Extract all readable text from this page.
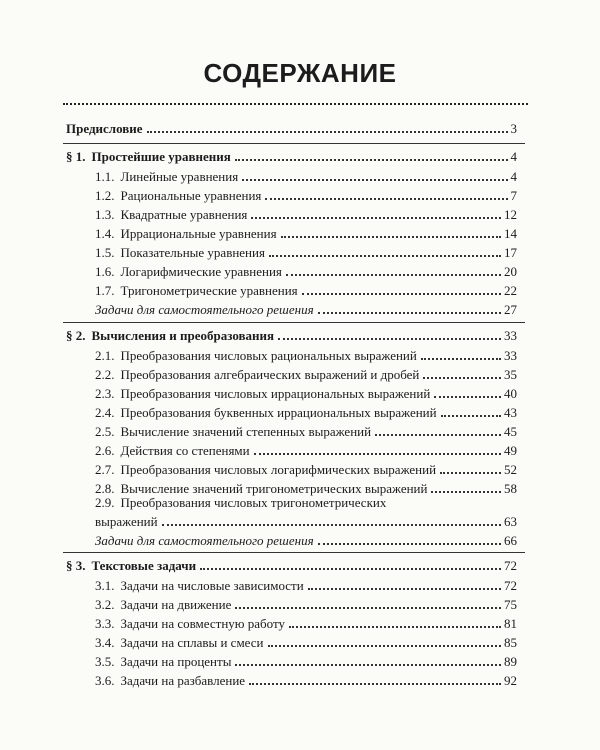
СОДЕРЖАНИЕ
Предисловие	3
§ 1. Простейшие уравнения	4
1.1. Линейные уравнения	4
1.2. Рациональные уравнения	7
1.3. Квадратные уравнения	12
1.4. Иррациональные уравнения	14
1.5. Показательные уравнения	17
1.6. Логарифмические уравнения	20
1.7. Тригонометрические уравнения	22
Задачи для самостоятельного решения	27
§ 2. Вычисления и преобразования	33
2.1. Преобразования числовых рациональных выражений	33
2.2. Преобразования алгебраических выражений и дробей	35
2.3. Преобразования числовых иррациональных выражений	40
2.4. Преобразования буквенных иррациональных выражений	43
2.5. Вычисление значений степенных выражений	45
2.6. Действия со степенями	49
2.7. Преобразования числовых логарифмических выражений	52
2.8. Вычисление значений тригонометрических выражений	58
2.9. Преобразования числовых тригонометрических
выражений	63
Задачи для самостоятельного решения	66
§ 3. Текстовые задачи	72
3.1. Задачи на числовые зависимости	72
3.2. Задачи на движение	75
3.3. Задачи на совместную работу	81
3.4. Задачи на сплавы и смеси	85
3.5. Задачи на проценты	89
3.6. Задачи на разбавление	92
